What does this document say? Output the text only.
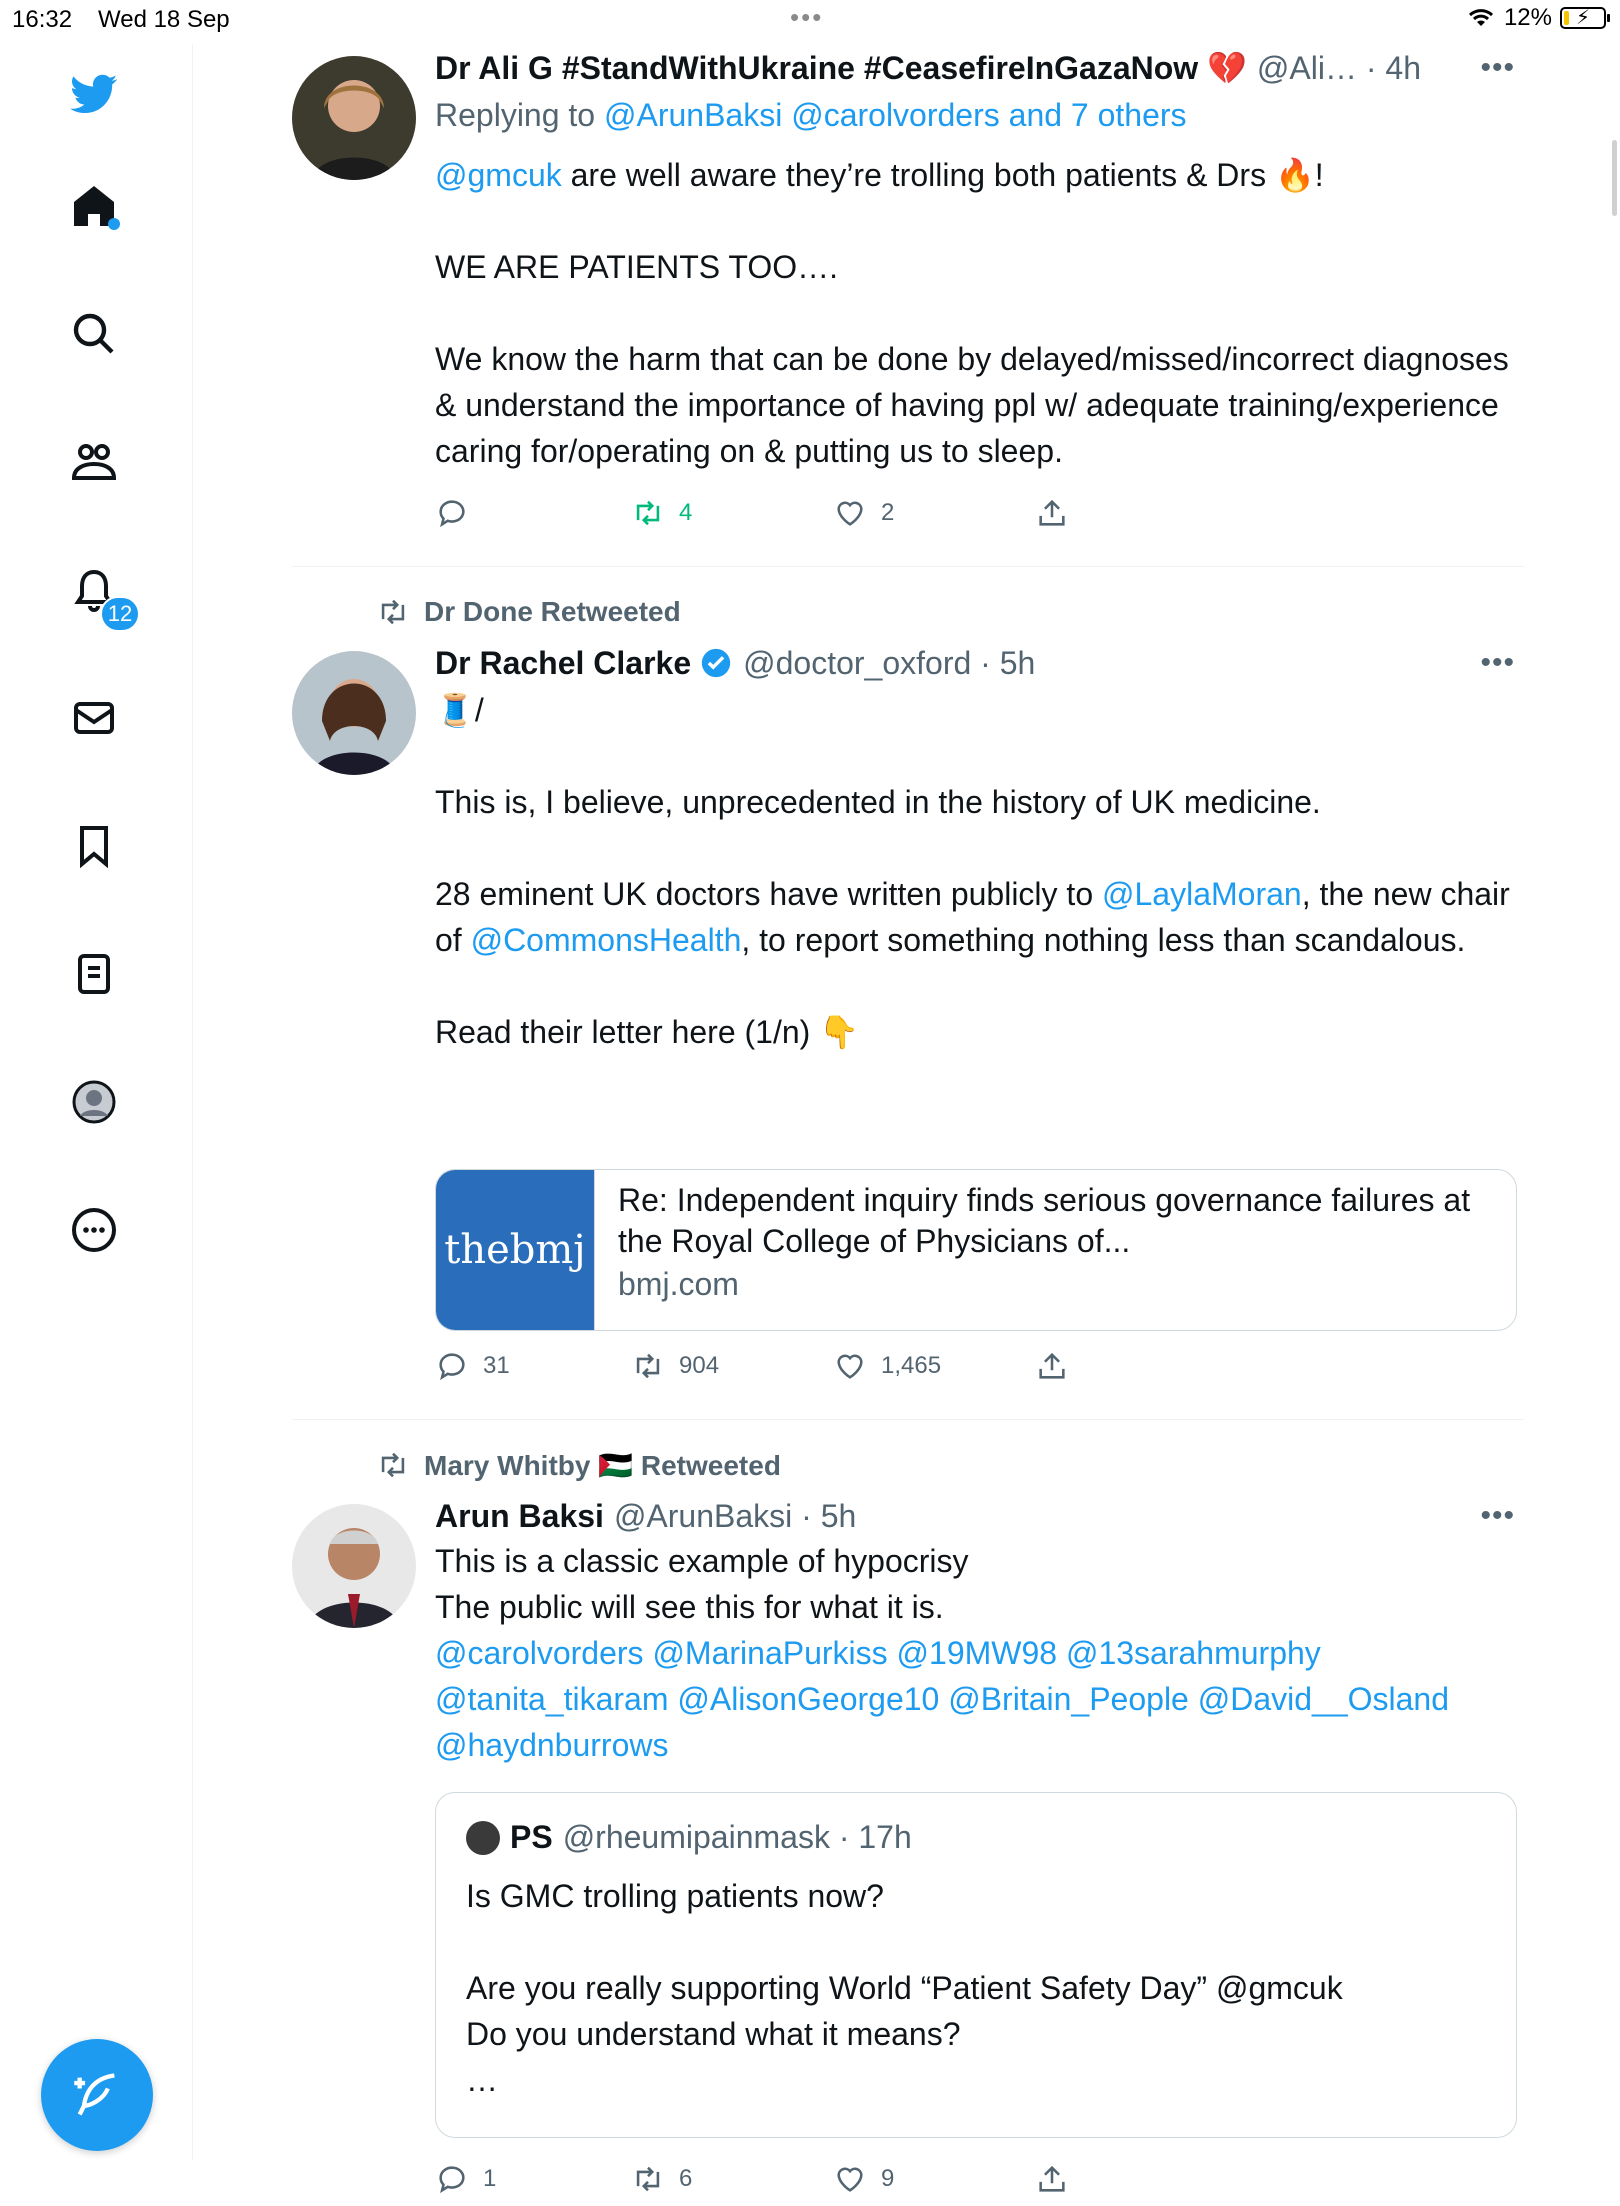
16:32 Wed 18 Sep	•••	12% ⚡
12
Dr Ali G #StandWithUkraine #CeasefireInGazaNow 💔 @Ali… · 4h •••
Replying to @ArunBaksi @carolvorders and 7 others
@gmcuk are well aware they’re trolling both patients & Drs 🔥!
WE ARE PATIENTS TOO….
We know the harm that can be done by delayed/missed/incorrect diagnoses & understand the importance of having ppl w/ adequate training/experience caring for/operating on & putting us to sleep.
4	2
Dr Done Retweeted
Dr Rachel Clarke @doctor_oxford · 5h	•••
🧵/
This is, I believe, unprecedented in the history of UK medicine.
28 eminent UK doctors have written publicly to @LaylaMoran, the new chair of @CommonsHealth, to report something nothing less than scandalous.
Read their letter here (1/n) 👇
thebmj
Re: Independent inquiry finds serious governance failures at the Royal College of Physicians of...
bmj.com
31	904	1,465
Mary Whitby 🇵🇸 Retweeted
Arun Baksi @ArunBaksi · 5h	•••
This is a classic example of hypocrisy
The public will see this for what it is.
@carolvorders @MarinaPurkiss @19MW98 @13sarahmurphy @tanita_tikaram @AlisonGeorge10 @Britain_People @David__Osland @haydnburrows
PS @rheumipainmask · 17h
Is GMC trolling patients now?
Are you really supporting World “Patient Safety Day” @gmcuk
Do you understand what it means?
…
1	6	9
